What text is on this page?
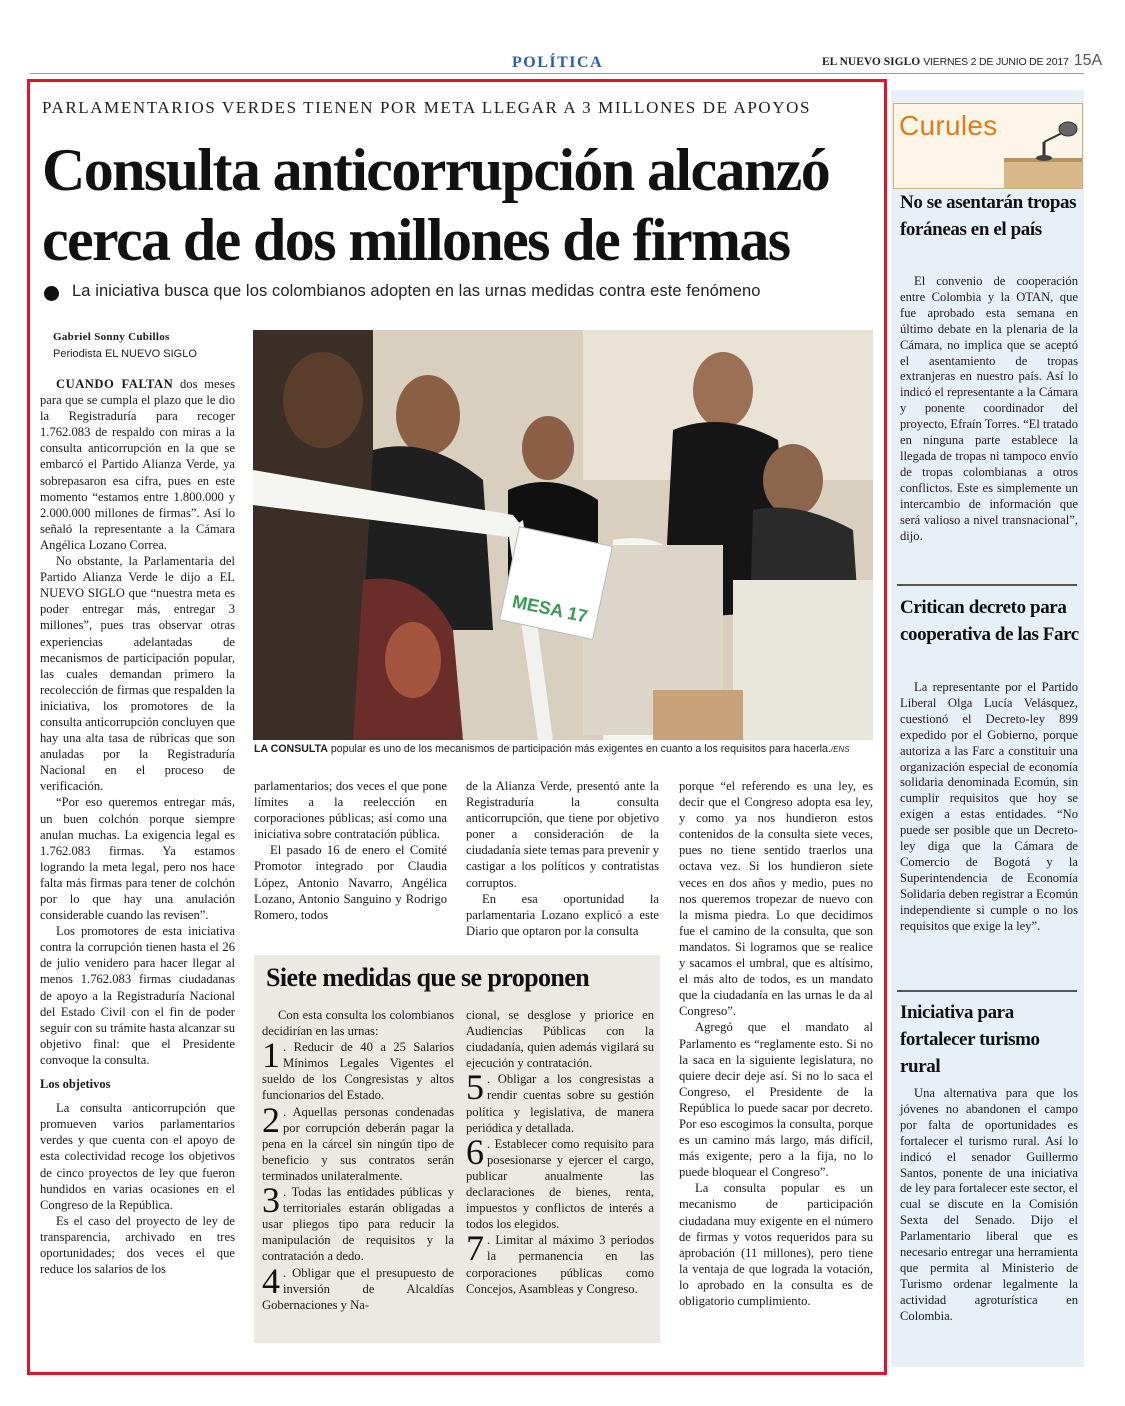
POLÍTICA	EL NUEVO SIGLO VIERNES 2 DE JUNIO DE 2017 15A
PARLAMENTARIOS VERDES TIENEN POR META LLEGAR A 3 MILLONES DE APOYOS
Consulta anticorrupción alcanzó
cerca de dos millones de firmas
La iniciativa busca que los colombianos adopten en las urnas medidas contra este fenómeno
Gabriel Sonny Cubillos
Periodista EL NUEVO SIGLO

CUANDO FALTAN dos meses para que se cumpla el plazo que le dio la Registraduría para recoger 1.762.083 de respaldo con miras a la consulta anticorrupción en la que se embarcó el Partido Alianza Verde, ya sobrepasaron esa cifra, pues en este momento “estamos entre 1.800.000 y 2.000.000 millones de firmas”. Así lo señaló la representante a la Cámara Angélica Lozano Correa.

No obstante, la Parlamentaria del Partido Alianza Verde le dijo a EL NUEVO SIGLO que “nuestra meta es poder entregar más, entregar 3 millones”, pues tras observar otras experiencias adelantadas de mecanismos de participación popular, las cuales demandan primero la recolección de firmas que respalden la iniciativa, los promotores de la consulta anticorrupción concluyen que hay una alta tasa de rúbricas que son anuladas por la Registraduría Nacional en el proceso de verificación.

“Por eso queremos entregar más, un buen colchón porque siempre anulan muchas. La exigencia legal es 1.762.083 firmas. Ya estamos logrando la meta legal, pero nos hace falta más firmas para tener de colchón por lo que hay una anulación considerable cuando las revisen”.

Los promotores de esta iniciativa contra la corrupción tienen hasta el 26 de julio venidero para hacer llegar al menos 1.762.083 firmas ciudadanas de apoyo a la Registraduría Nacional del Estado Civil con el fin de poder seguir con su trámite hasta alcanzar su objetivo final: que el Presidente convoque la consulta.

Los objetivos

La consulta anticorrupción que promueven varios parlamentarios verdes y que cuenta con el apoyo de esta colectividad recoge los objetivos de cinco proyectos de ley que fueron hundidos en varias ocasiones en el Congreso de la República.

Es el caso del proyecto de ley de transparencia, archivado en tres oportunidades; dos veces el que reduce los salarios de los

MESA 17
LA CONSULTA popular es uno de los mecanismos de participación más exigentes en cuanto a los requisitos para hacerla./ENS

parlamentarios; dos veces el que pone límites a la reelección en corporaciones públicas; así como una iniciativa sobre contratación pública.

El pasado 16 de enero el Comité Promotor integrado por Claudia López, Antonio Navarro, Angélica Lozano, Antonio Sanguino y Rodrigo Romero, todos

de la Alianza Verde, presentó ante la Registraduría la consulta anticorrupción, que tiene por objetivo poner a consideración de la ciudadanía siete temas para prevenir y castigar a los políticos y contratistas corruptos.

En esa oportunidad la parlamentaria Lozano explicó a este Diario que optaron por la consulta

porque “el referendo es una ley, es decir que el Congreso adopta esa ley, y como ya nos hundieron estos contenidos de la consulta siete veces, pues no tiene sentido traerlos una octava vez. Si los hundieron siete veces en dos años y medio, pues no nos queremos tropezar de nuevo con la misma piedra. Lo que decidimos fue el camino de la consulta, que son mandatos. Si logramos que se realice y sacamos el umbral, que es altísimo, el más alto de todos, es un mandato que la ciudadanía en las urnas le da al Congreso”.

Agregó que el mandato al Parlamento es “reglamente esto. Si no la saca en la siguiente legislatura, no quiere decir deje así. Si no lo saca el Congreso, el Presidente de la República lo puede sacar por decreto. Por eso escogimos la consulta, porque es un camino más largo, más difícil, más exigente, pero a la fija, no lo puede bloquear el Congreso”.

La consulta popular es un mecanismo de participación ciudadana muy exigente en el número de firmas y votos requeridos para su aprobación (11 millones), pero tiene la ventaja de que lograda la votación, lo aprobado en la consulta es de obligatorio cumplimiento.

Siete medidas que se proponen

Con esta consulta los colombianos decidirían en las urnas:

1 . Reducir de 40 a 25 Salarios Mínimos Legales Vigentes el sueldo de los Congresistas y altos funcionarios del Estado.

2 . Aquellas personas condenadas por corrupción deberán pagar la pena en la cárcel sin ningún tipo de beneficio y sus contratos serán terminados unilateralmente.

3 . Todas las entidades públicas y territoriales estarán obligadas a usar pliegos tipo para reducir la manipulación de requisitos y la contratación a dedo.

4 . Obligar que el presupuesto de inversión de Alcaldías Gobernaciones y Na-

cional, se desglose y priorice en Audiencias Públicas con la ciudadanía, quien además vigilará su ejecución y contratación.

5 . Obligar a los congresistas a rendir cuentas sobre su gestión política y legislativa, de manera periódica y detallada.

6 . Establecer como requisito para posesionarse y ejercer el cargo, publicar anualmente las declaraciones de bienes, renta, impuestos y conflictos de interés a todos los elegidos.

7 . Limitar al máximo 3 periodos la permanencia en las corporaciones públicas como Concejos, Asambleas y Congreso.

Curules
No se asentarán tropas foráneas en el país

El convenio de cooperación entre Colombia y la OTAN, que fue aprobado esta semana en último debate en la plenaria de la Cámara, no implica que se aceptó el asentamiento de tropas extranjeras en nuestro país. Así lo indicó el representante a la Cámara y ponente coordinador del proyecto, Efraín Torres. “El tratado en ninguna parte establece la llegada de tropas ni tampoco envío de tropas colombianas a otros conflictos. Este es simplemente un intercambio de información que será valioso a nivel transnacional”, dijo.

Critican decreto para cooperativa de las Farc

La representante por el Partido Liberal Olga Lucía Velásquez, cuestionó el Decreto-ley 899 expedido por el Gobierno, porque autoriza a las Farc a constituir una organización especial de economía solidaria denominada Ecomún, sin cumplir requisitos que hoy se exigen a estas entidades. “No puede ser posible que un Decreto-ley diga que la Cámara de Comercio de Bogotá y la Superintendencia de Economía Solidaria deben registrar a Ecomún independiente si cumple o no los requisitos que exige la ley”.

Iniciativa para fortalecer turismo rural

Una alternativa para que los jóvenes no abandonen el campo por falta de oportunidades es fortalecer el turismo rural. Así lo indicó el senador Guillermo Santos, ponente de una iniciativa de ley para fortalecer este sector, el cual se discute en la Comisión Sexta del Senado. Dijo el Parlamentario liberal que es necesario entregar una herramienta que permita al Ministerio de Turismo ordenar legalmente la actividad agroturística en Colombia.
